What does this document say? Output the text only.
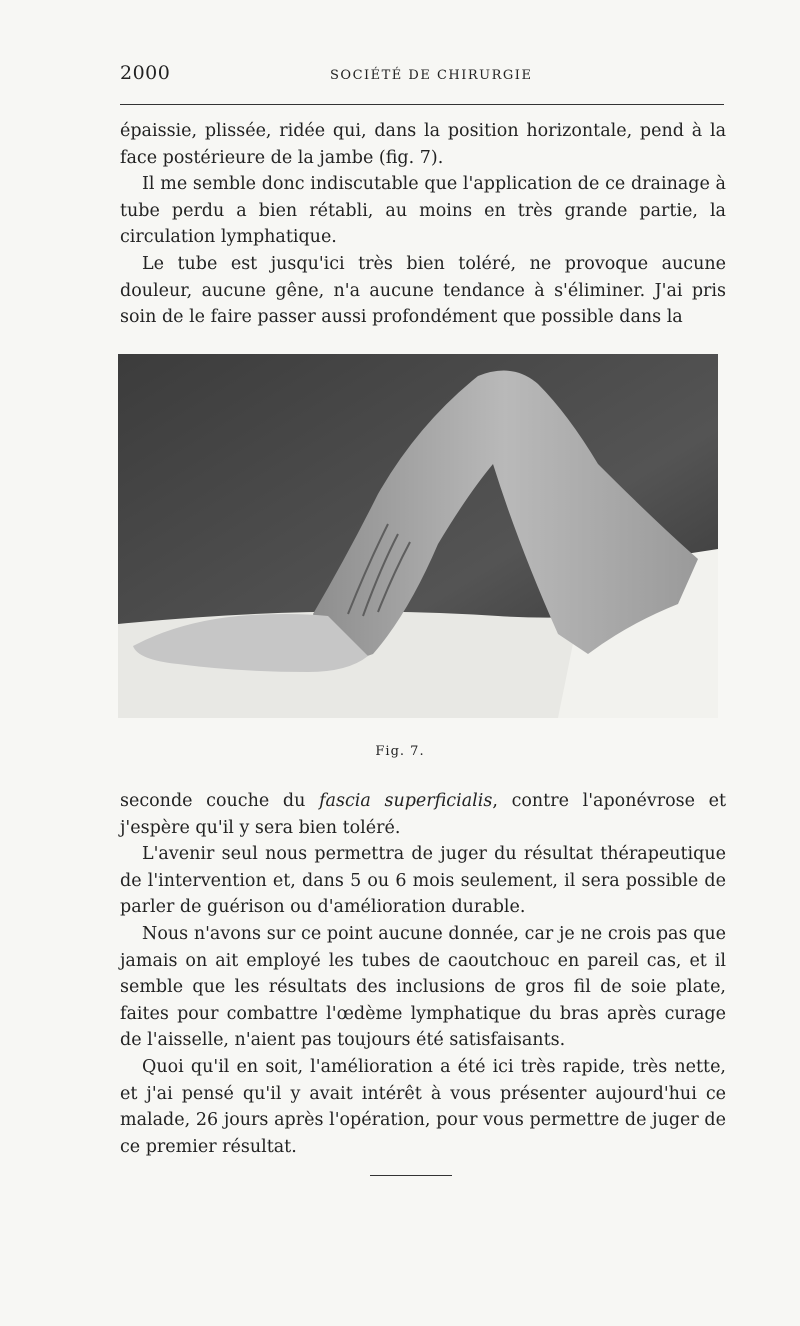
2000	SOCIÉTÉ DE CHIRURGIE

épaissie, plissée, ridée qui, dans la position horizontale, pend à la face postérieure de la jambe (fig. 7).

Il me semble donc indiscutable que l'application de ce drainage à tube perdu a bien rétabli, au moins en très grande partie, la circulation lymphatique.

Le tube est jusqu'ici très bien toléré, ne provoque aucune douleur, aucune gêne, n'a aucune tendance à s'éliminer. J'ai pris soin de le faire passer aussi profondément que possible dans la

Fig. 7.

seconde couche du fascia superficialis, contre l'aponévrose et j'espère qu'il y sera bien toléré.

L'avenir seul nous permettra de juger du résultat thérapeutique de l'intervention et, dans 5 ou 6 mois seulement, il sera possible de parler de guérison ou d'amélioration durable.

Nous n'avons sur ce point aucune donnée, car je ne crois pas que jamais on ait employé les tubes de caoutchouc en pareil cas, et il semble que les résultats des inclusions de gros fil de soie plate, faites pour combattre l'œdème lymphatique du bras après curage de l'aisselle, n'aient pas toujours été satisfaisants.

Quoi qu'il en soit, l'amélioration a été ici très rapide, très nette, et j'ai pensé qu'il y avait intérêt à vous présenter aujourd'hui ce malade, 26 jours après l'opération, pour vous permettre de juger de ce premier résultat.
